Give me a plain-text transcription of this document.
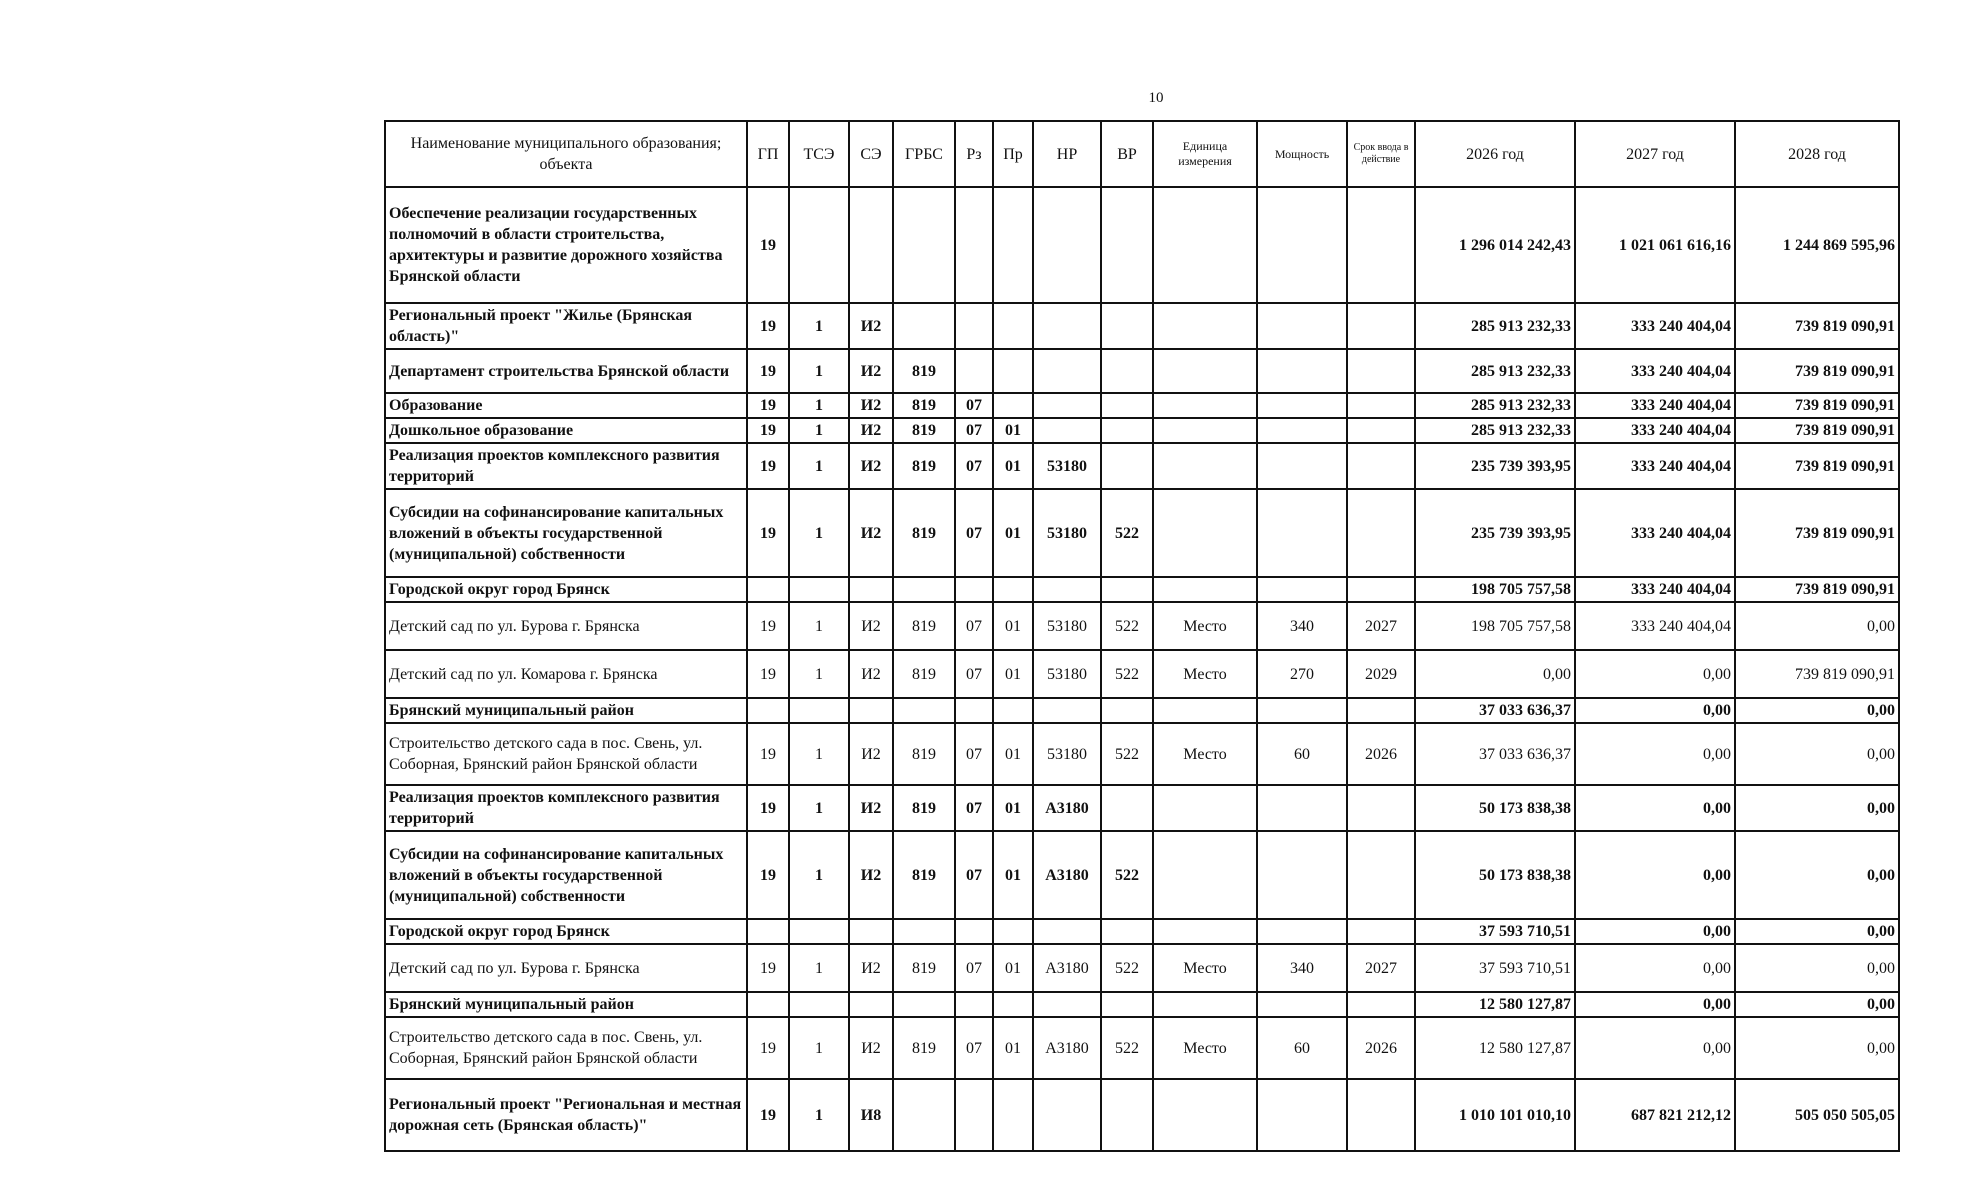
10
Наименование муниципального образования; объекта	ГП	ТСЭ	СЭ	ГРБС	Рз	Пр	НР	ВР	Единица измерения	Мощность	Срок ввода в действие	2026 год	2027 год	2028 год
Обеспечение реализации государственных полномочий в области строительства, архитектуры и развитие дорожного хозяйства Брянской области	19											1 296 014 242,43	1 021 061 616,16	1 244 869 595,96
Региональный проект "Жилье (Брянская область)"	19	1	И2									285 913 232,33	333 240 404,04	739 819 090,91
Департамент строительства Брянской области	19	1	И2	819								285 913 232,33	333 240 404,04	739 819 090,91
Образование	19	1	И2	819	07							285 913 232,33	333 240 404,04	739 819 090,91
Дошкольное образование	19	1	И2	819	07	01						285 913 232,33	333 240 404,04	739 819 090,91
Реализация проектов комплексного развития территорий	19	1	И2	819	07	01	53180					235 739 393,95	333 240 404,04	739 819 090,91
Субсидии на софинансирование капитальных вложений в объекты государственной (муниципальной) собственности	19	1	И2	819	07	01	53180	522				235 739 393,95	333 240 404,04	739 819 090,91
Городской округ город Брянск												198 705 757,58	333 240 404,04	739 819 090,91
Детский сад по ул. Бурова г. Брянска	19	1	И2	819	07	01	53180	522	Место	340	2027	198 705 757,58	333 240 404,04	0,00
Детский сад по ул. Комарова г. Брянска	19	1	И2	819	07	01	53180	522	Место	270	2029	0,00	0,00	739 819 090,91
Брянский муниципальный район												37 033 636,37	0,00	0,00
Строительство детского сада в пос. Свень, ул. Соборная, Брянский район Брянской области	19	1	И2	819	07	01	53180	522	Место	60	2026	37 033 636,37	0,00	0,00
Реализация проектов комплексного развития территорий	19	1	И2	819	07	01	А3180					50 173 838,38	0,00	0,00
Субсидии на софинансирование капитальных вложений в объекты государственной (муниципальной) собственности	19	1	И2	819	07	01	А3180	522				50 173 838,38	0,00	0,00
Городской округ город Брянск												37 593 710,51	0,00	0,00
Детский сад по ул. Бурова г. Брянска	19	1	И2	819	07	01	А3180	522	Место	340	2027	37 593 710,51	0,00	0,00
Брянский муниципальный район												12 580 127,87	0,00	0,00
Строительство детского сада в пос. Свень, ул. Соборная, Брянский район Брянской области	19	1	И2	819	07	01	А3180	522	Место	60	2026	12 580 127,87	0,00	0,00
Региональный проект "Региональная и местная дорожная сеть (Брянская область)"	19	1	И8									1 010 101 010,10	687 821 212,12	505 050 505,05
